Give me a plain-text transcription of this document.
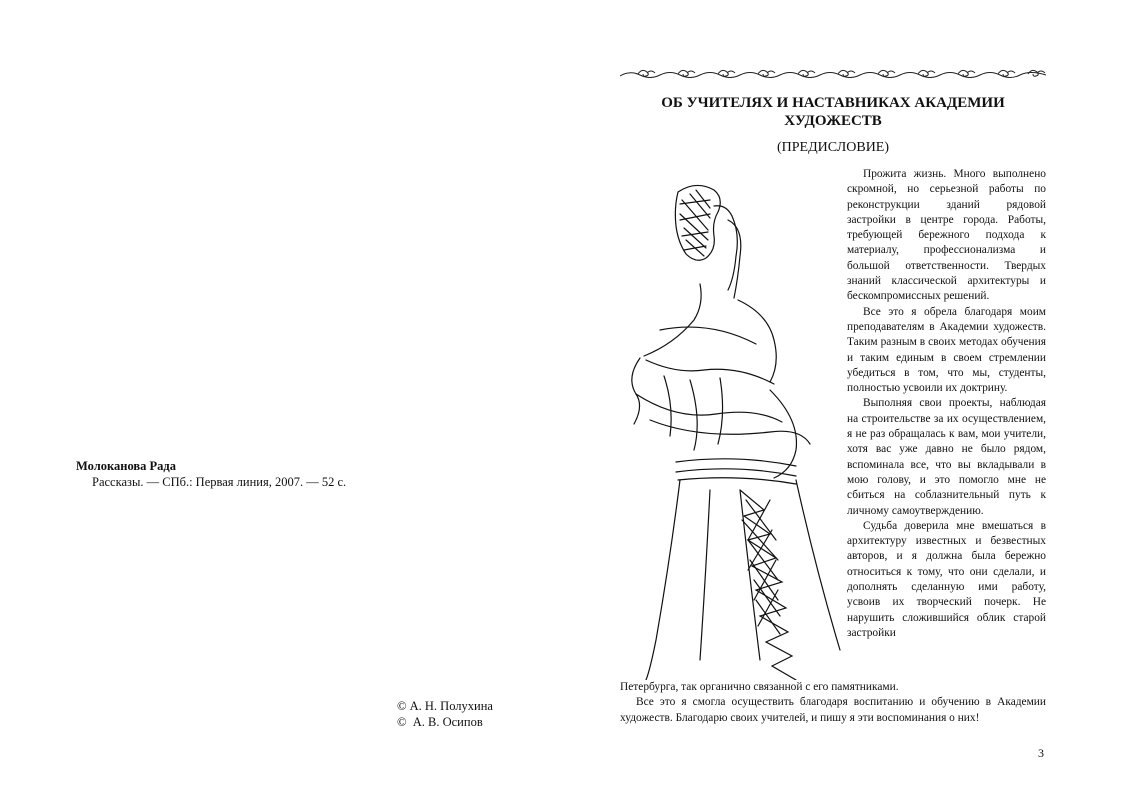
Молоканова Рада
Рассказы. — СПб.: Первая линия, 2007. — 52 с.
© А. Н. Полухина
©  А. В. Осипов
ОБ УЧИТЕЛЯХ И НАСТАВНИКАХ АКАДЕМИИ
ХУДОЖЕСТВ
(ПРЕДИСЛОВИЕ)

Прожита жизнь. Много выполнено скромной, но серьезной работы по реконструкции зданий рядовой застройки в центре города. Работы, требующей бережного подхода к материалу, профессионализма и большой ответственности. Твердых знаний классической архитектуры и бескомпромиссных решений.

Все это я обрела благодаря моим преподавателям в Академии художеств. Таким разным в своих методах обучения и таким единым в своем стремлении убедиться в том, что мы, студенты, полностью усвоили их доктрину.

Выполняя свои проекты, наблюдая на строительстве за их осуществлением, я не раз обращалась к вам, мои учители, хотя вас уже давно не было рядом, вспоминала все, что вы вкладывали в мою голову, и это помогло мне не сбиться на соблазнительный путь к личному самоутверждению.

Судьба доверила мне вмешаться в архитектуру известных и безвестных авторов, и я должна была бережно относиться к тому, что они сделали, и дополнять сделанную ими работу, усвоив их творческий почерк. Не нарушить сложившийся облик старой застройки

Петербурга, так органично связанной с его памятниками.

Все это я смогла осуществить благодаря воспитанию и обучению в Академии художеств. Благодарю своих учителей, и пишу я эти воспоминания о них!

3
